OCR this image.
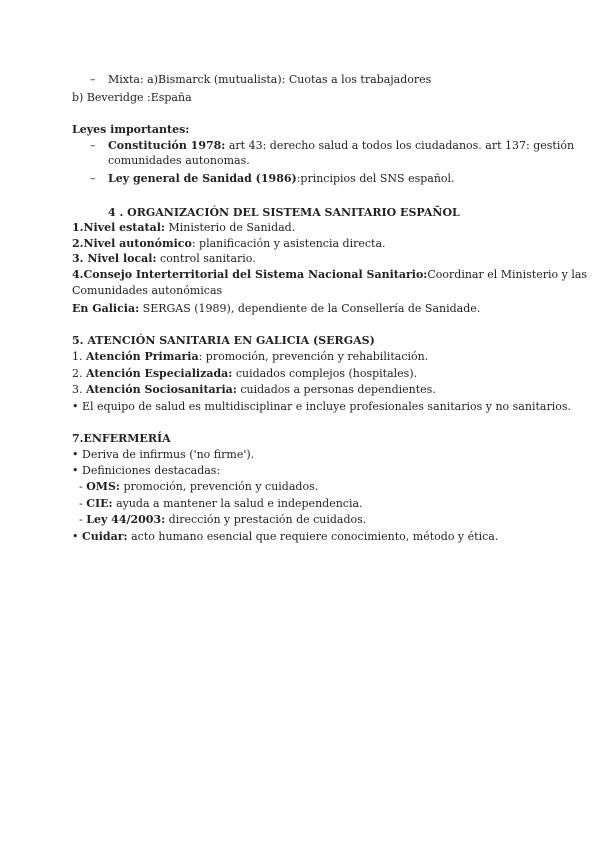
– Mixta: a)Bismarck (mutualista): Cuotas a los trabajadores
b) Beveridge :España
Leyes importantes:
– Constitución 1978: art 43: derecho salud a todos los ciudadanos. art 137: gestión
comunidades autonomas.
– Ley general de Sanidad (1986):principios del SNS español.
4 . ORGANIZACIÓN DEL SISTEMA SANITARIO ESPAÑOL
1.Nivel estatal: Ministerio de Sanidad.
2.Nivel autonómico: planificación y asistencia directa.
3. Nivel local: control sanitario.
4.Consejo Interterritorial del Sistema Nacional Sanitario:Coordinar el Ministerio y las
Comunidades autonómicas
En Galicia: SERGAS (1989), dependiente de la Consellería de Sanidade.
5. ATENCIÓN SANITARIA EN GALICIA (SERGAS)
1. Atención Primaria: promoción, prevención y rehabilitación.
2. Atención Especializada: cuidados complejos (hospitales).
3. Atención Sociosanitaria: cuidados a personas dependientes.
• El equipo de salud es multidisciplinar e incluye profesionales sanitarios y no sanitarios.
7.ENFERMERÍA
• Deriva de infirmus ('no firme').
• Definiciones destacadas:
- OMS: promoción, prevención y cuidados.
- CIE: ayuda a mantener la salud e independencia.
- Ley 44/2003: dirección y prestación de cuidados.
• Cuidar: acto humano esencial que requiere conocimiento, método y ética.
